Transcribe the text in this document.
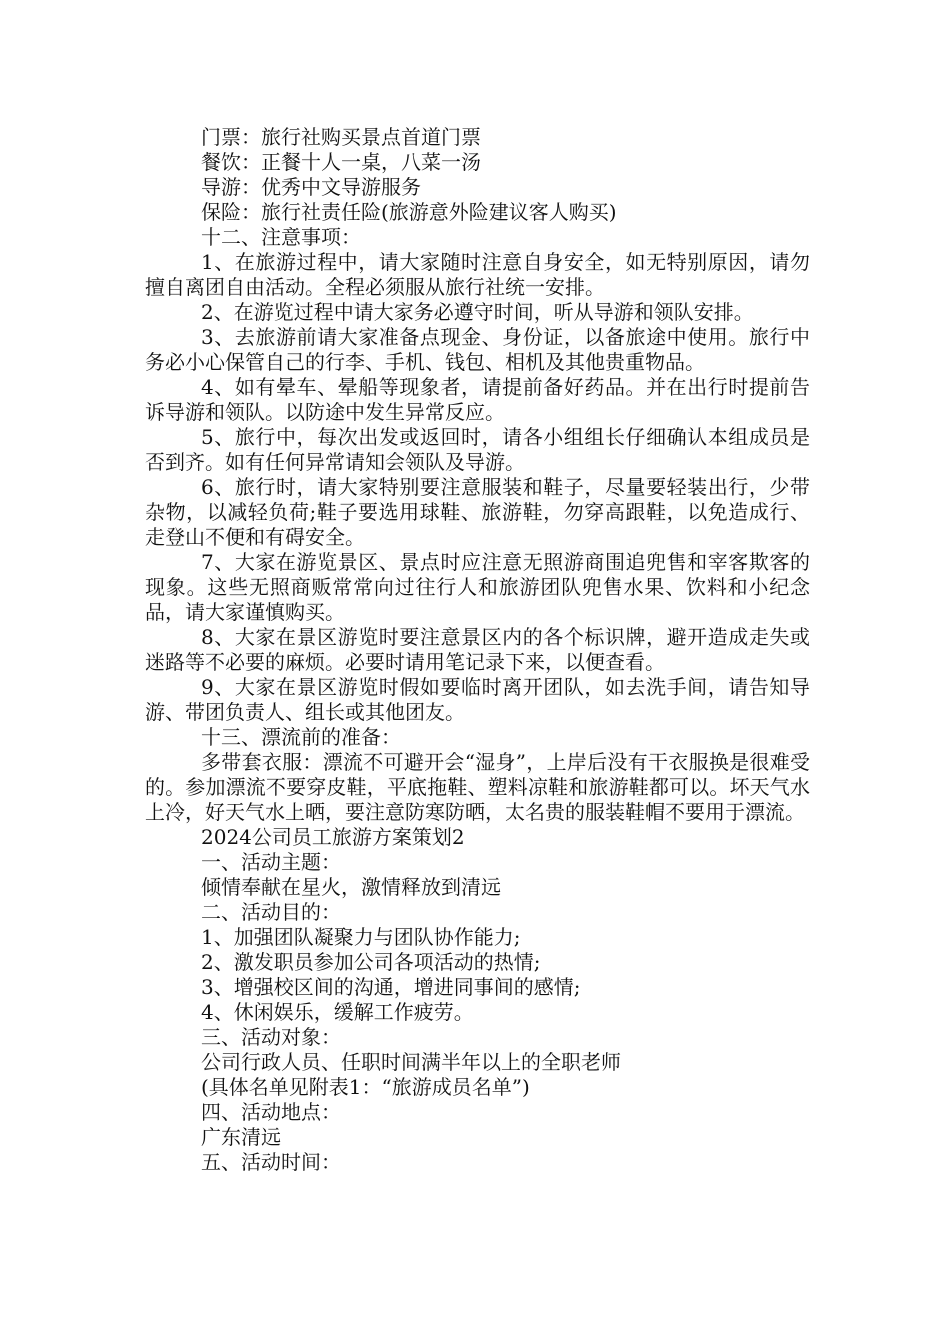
门票：旅行社购买景点首道门票

餐饮：正餐十人一桌，八菜一汤

导游：优秀中文导游服务

保险：旅行社责任险(旅游意外险建议客人购买)

十二、注意事项：

1、在旅游过程中，请大家随时注意自身安全，如无特别原因，请勿擅自离团自由活动。全程必须服从旅行社统一安排。

2、在游览过程中请大家务必遵守时间，听从导游和领队安排。

3、去旅游前请大家准备点现金、身份证，以备旅途中使用。旅行中务必小心保管自己的行李、手机、钱包、相机及其他贵重物品。

4、如有晕车、晕船等现象者，请提前备好药品。并在出行时提前告诉导游和领队。以防途中发生异常反应。

5、旅行中，每次出发或返回时，请各小组组长仔细确认本组成员是否到齐。如有任何异常请知会领队及导游。

6、旅行时，请大家特别要注意服装和鞋子，尽量要轻装出行，少带杂物，以减轻负荷;鞋子要选用球鞋、旅游鞋，勿穿高跟鞋，以免造成行、走登山不便和有碍安全。

7、大家在游览景区、景点时应注意无照游商围追兜售和宰客欺客的现象。这些无照商贩常常向过往行人和旅游团队兜售水果、饮料和小纪念品，请大家谨慎购买。

8、大家在景区游览时要注意景区内的各个标识牌，避开造成走失或迷路等不必要的麻烦。必要时请用笔记录下来，以便查看。

9、大家在景区游览时假如要临时离开团队，如去洗手间，请告知导游、带团负责人、组长或其他团友。

十三、漂流前的准备：

多带套衣服：漂流不可避开会“湿身”，上岸后没有干衣服换是很难受的。参加漂流不要穿皮鞋，平底拖鞋、塑料凉鞋和旅游鞋都可以。坏天气水上冷，好天气水上晒，要注意防寒防晒，太名贵的服装鞋帽不要用于漂流。

2024公司员工旅游方案策划2

一、活动主题：

倾情奉献在星火，激情释放到清远

二、活动目的：

1、加强团队凝聚力与团队协作能力;

2、激发职员参加公司各项活动的热情;

3、增强校区间的沟通，增进同事间的感情;

4、休闲娱乐，缓解工作疲劳。

三、活动对象：

公司行政人员、任职时间满半年以上的全职老师

(具体名单见附表1：“旅游成员名单”)

四、活动地点：

广东清远

五、活动时间：
